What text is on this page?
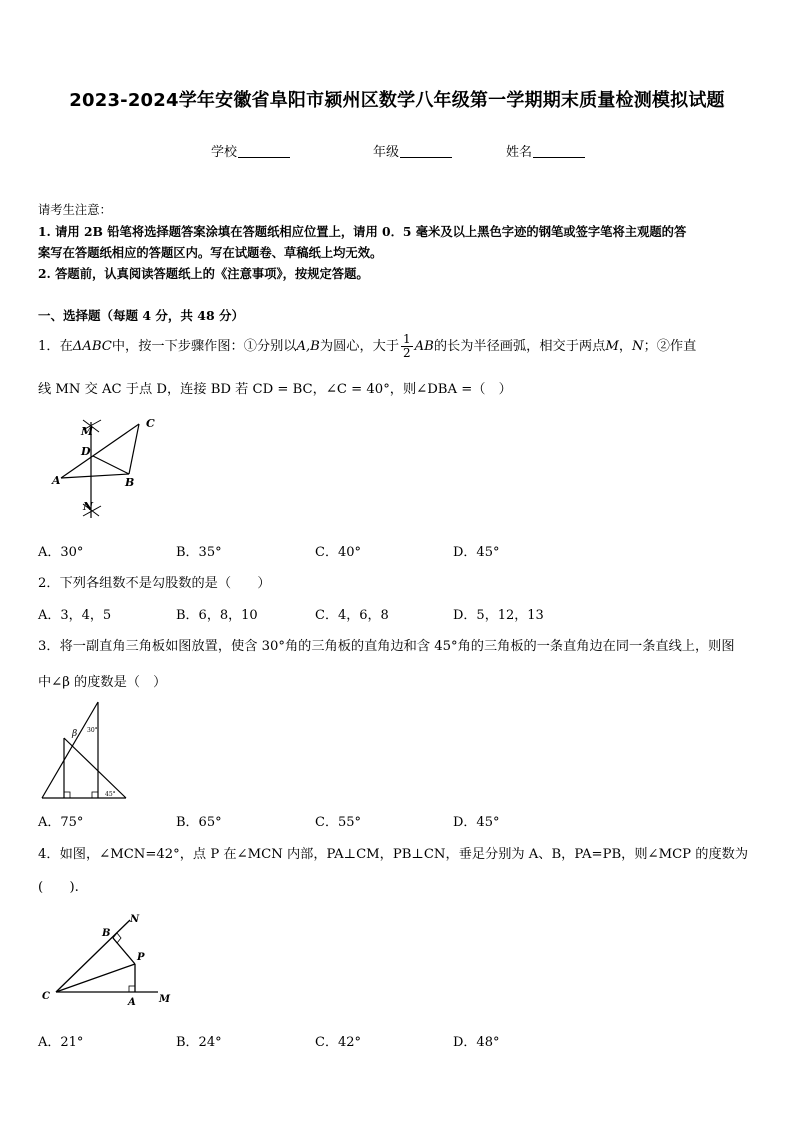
2023-2024学年安徽省阜阳市颍州区数学八年级第一学期期末质量检测模拟试题
学校	年级	姓名
请考生注意：
1. 请用 2B 铅笔将选择题答案涂填在答题纸相应位置上，请用 0．5 毫米及以上黑色字迹的钢笔或签字笔将主观题的答
案写在答题纸相应的答题区内。写在试题卷、草稿纸上均无效。
2. 答题前，认真阅读答题纸上的《注意事项》，按规定答题。
一、选择题（每题 4 分，共 48 分）
1．在ΔABC中，按一下步骤作图：①分别以A,B为圆心，大于 $\frac{1}{2}$ AB的长为半径画弧，相交于两点M，N；②作直
线 MN 交 AC 于点 D，连接 BD 若 CD = BC，∠C = 40°，则∠DBA =（　）
M
C
D
A	B
N
A．30°	B．35°	C．40°	D．45°
2．下列各组数不是勾股数的是（　　）
A．3，4，5	B．6，8，10	C．4，6，8	D．5，12，13
3．将一副直角三角板如图放置，使含 30°角的三角板的直角边和含 45°角的三角板的一条直角边在同一条直线上，则图
中∠β 的度数是（　）
β 30°
45°
A．75°	B．65°	C．55°	D．45°
4．如图，∠MCN=42°，点 P 在∠MCN 内部，PA⊥CM，PB⊥CN，垂足分别为 A、B，PA=PB，则∠MCP 的度数为
(　　).
N
B
P
C
A M
A．21°	B．24°	C．42°	D．48°
